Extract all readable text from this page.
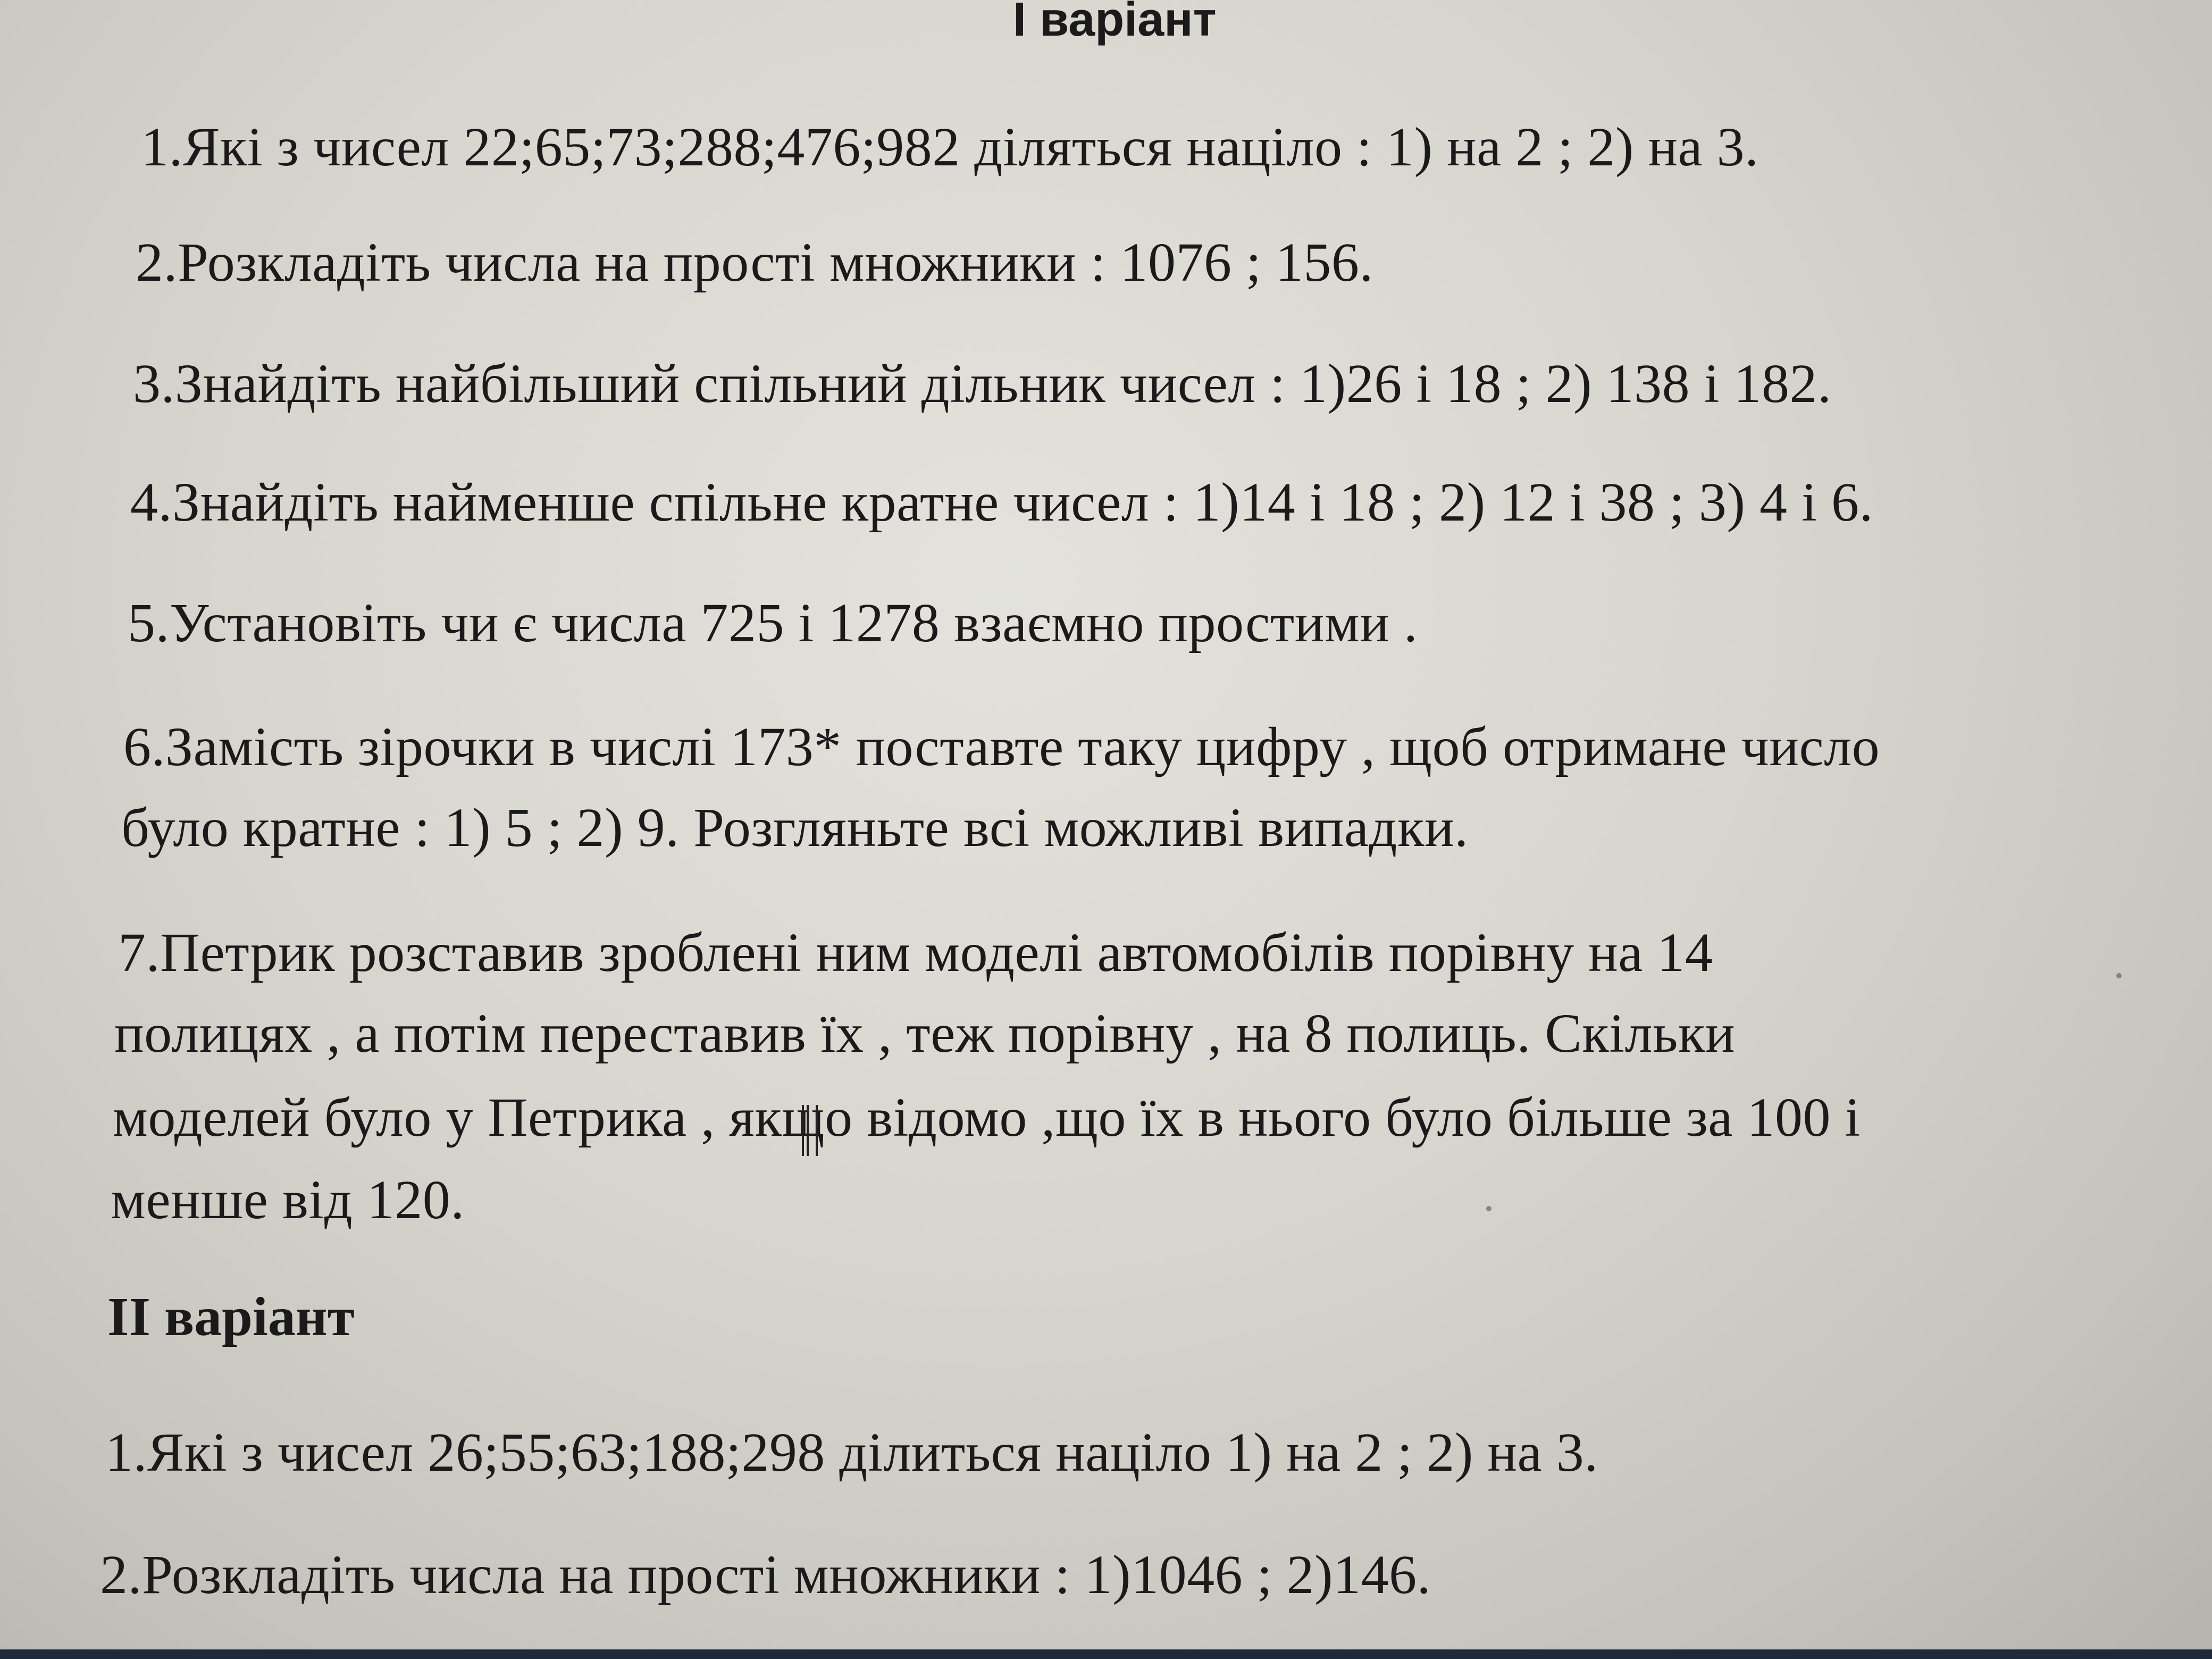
І варіант
1.Які з чисел 22;65;73;288;476;982 діляться націло : 1) на 2 ; 2) на 3.
2.Розкладіть числа на прості множники : 1076 ; 156.
3.Знайдіть найбільший спільний дільник чисел : 1)26 і 18 ; 2) 138 і 182.
4.Знайдіть найменше спільне кратне чисел : 1)14 і 18 ; 2) 12 і 38 ; 3) 4 і 6.
5.Установіть чи є числа 725 і 1278 взаємно простими .
6.Замість зірочки в числі 173* поставте таку цифру , щоб отримане число
було кратне : 1) 5 ; 2) 9. Розгляньте всі можливі випадки.
7.Петрик розставив зроблені ним моделі автомобілів порівну на 14
полицях , а потім переставив їх , теж порівну , на 8 полиць. Скільки
моделей було у Петрика , якщо відомо ,що їх в нього було більше за 100 і
менше від 120.
ІІ варіант
1.Які з чисел 26;55;63;188;298 ділиться націло 1) на 2 ; 2) на 3.
2.Розкладіть числа на прості множники : 1)1046 ; 2)146.
